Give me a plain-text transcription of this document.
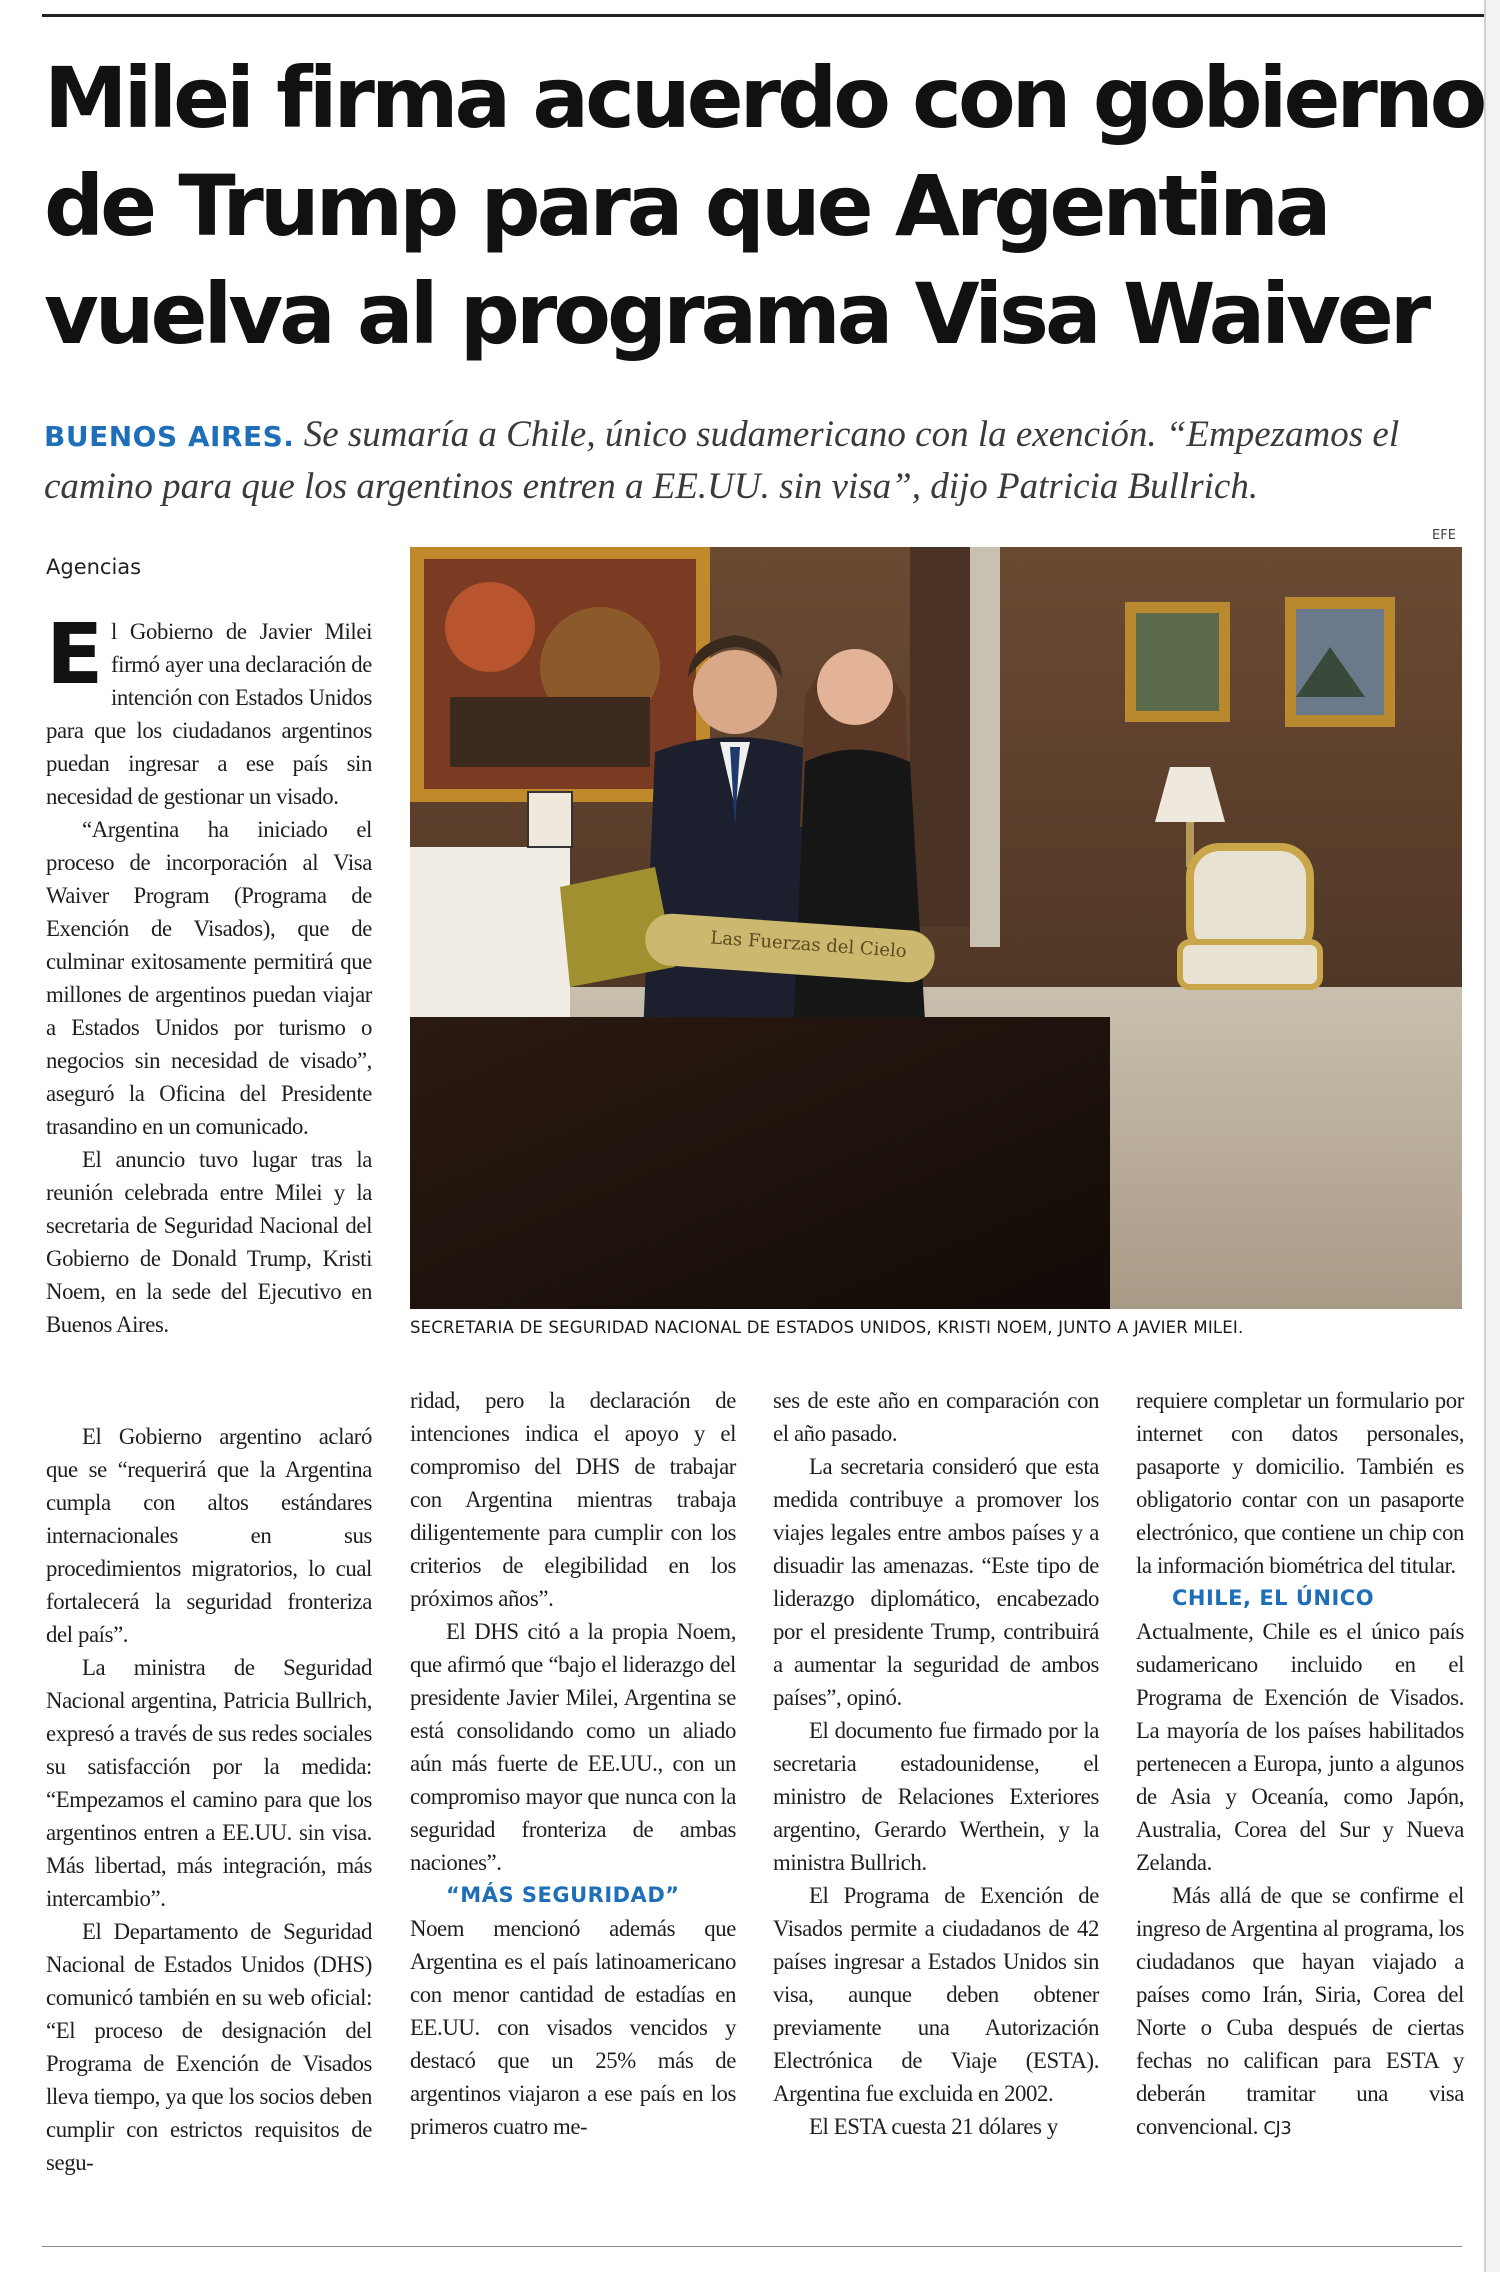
Milei firma acuerdo con gobierno
de Trump para que Argentina
vuelva al programa Visa Waiver
BUENOS AIRES. Se sumaría a Chile, único sudamericano con la exención. “Empezamos el camino para que los argentinos entren a EE.UU. sin visa”, dijo Patricia Bullrich.
Agencias
EFE
Las Fuerzas del Cielo
SECRETARIA DE SEGURIDAD NACIONAL DE ESTADOS UNIDOS, KRISTI NOEM, JUNTO A JAVIER MILEI.

El Gobierno de Javier Milei firmó ayer una declaración de intención con Estados Unidos para que los ciudadanos argentinos puedan ingresar a ese país sin necesidad de gestionar un visado.

“Argentina ha iniciado el proceso de incorporación al Visa Waiver Program (Programa de Exención de Visados), que de culminar exitosamente permitirá que millones de argentinos puedan viajar a Estados Unidos por turismo o negocios sin necesidad de visado”, aseguró la Oficina del Presidente trasandino en un comunicado.

El anuncio tuvo lugar tras la reunión celebrada entre Milei y la secretaria de Seguridad Nacional del Gobierno de Donald Trump, Kristi Noem, en la sede del Ejecutivo en Buenos Aires.

El Gobierno argentino aclaró que se “requerirá que la Argentina cumpla con altos estándares internacionales en sus procedimientos migratorios, lo cual fortalecerá la seguridad fronteriza del país”.

La ministra de Seguridad Nacional argentina, Patricia Bullrich, expresó a través de sus redes sociales su satisfacción por la medida: “Empezamos el camino para que los argentinos entren a EE.UU. sin visa. Más libertad, más integración, más intercambio”.

El Departamento de Seguridad Nacional de Estados Unidos (DHS) comunicó también en su web oficial: “El proceso de designación del Programa de Exención de Visados lleva tiempo, ya que los socios deben cumplir con estrictos requisitos de segu-

ridad, pero la declaración de intenciones indica el apoyo y el compromiso del DHS de trabajar con Argentina mientras trabaja diligentemente para cumplir con los criterios de elegibilidad en los próximos años”.

El DHS citó a la propia Noem, que afirmó que “bajo el liderazgo del presidente Javier Milei, Argentina se está consolidando como un aliado aún más fuerte de EE.UU., con un compromiso mayor que nunca con la seguridad fronteriza de ambas naciones”.

“MÁS SEGURIDAD”

Noem mencionó además que Argentina es el país latinoamericano con menor cantidad de estadías en EE.UU. con visados vencidos y destacó que un 25% más de argentinos viajaron a ese país en los primeros cuatro me-

ses de este año en comparación con el año pasado.

La secretaria consideró que esta medida contribuye a promover los viajes legales entre ambos países y a disuadir las amenazas. “Este tipo de liderazgo diplomático, encabezado por el presidente Trump, contribuirá a aumentar la seguridad de ambos países”, opinó.

El documento fue firmado por la secretaria estadounidense, el ministro de Relaciones Exteriores argentino, Gerardo Werthein, y la ministra Bullrich.

El Programa de Exención de Visados permite a ciudadanos de 42 países ingresar a Estados Unidos sin visa, aunque deben obtener previamente una Autorización Electrónica de Viaje (ESTA). Argentina fue excluida en 2002.

El ESTA cuesta 21 dólares y

requiere completar un formulario por internet con datos personales, pasaporte y domicilio. También es obligatorio contar con un pasaporte electrónico, que contiene un chip con la información biométrica del titular.

CHILE, EL ÚNICO

Actualmente, Chile es el único país sudamericano incluido en el Programa de Exención de Visados. La mayoría de los países habilitados pertenecen a Europa, junto a algunos de Asia y Oceanía, como Japón, Australia, Corea del Sur y Nueva Zelanda.

Más allá de que se confirme el ingreso de Argentina al programa, los ciudadanos que hayan viajado a países como Irán, Siria, Corea del Norte o Cuba después de ciertas fechas no califican para ESTA y deberán tramitar una visa convencional. CJ3
